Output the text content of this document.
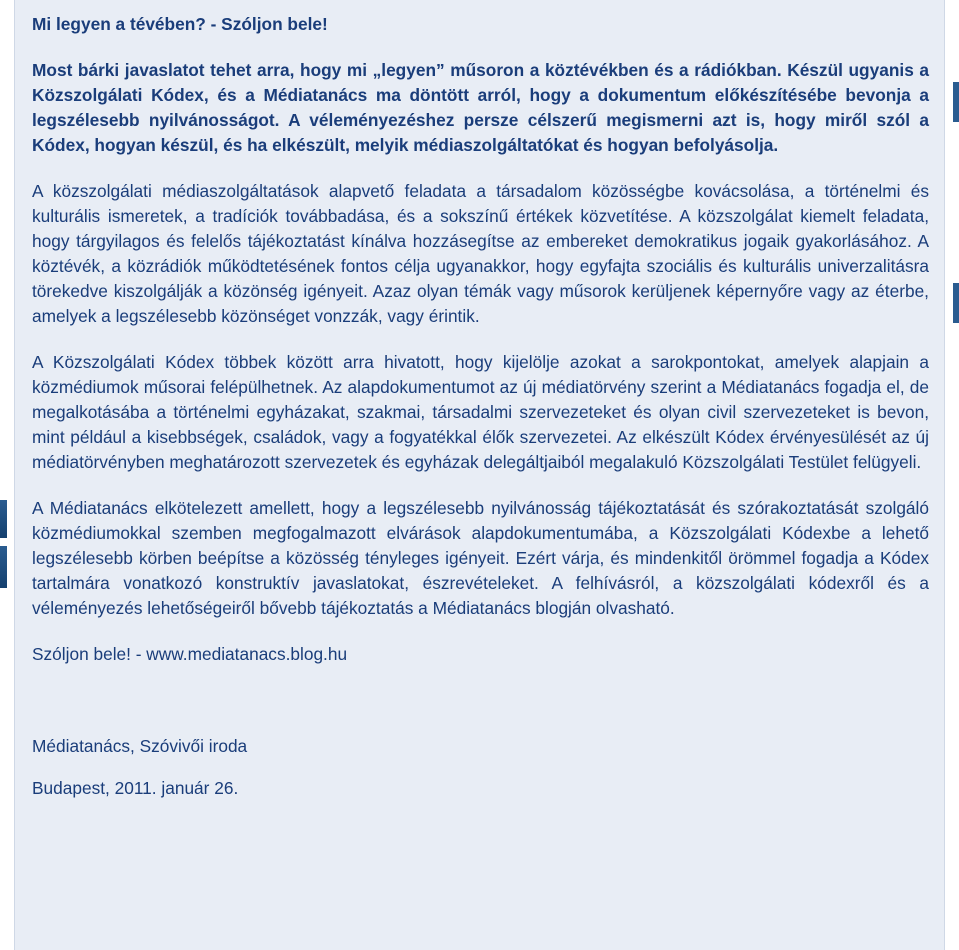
Mi legyen a tévében? - Szóljon bele!

Most bárki javaslatot tehet arra, hogy mi „legyen” műsoron a köztévékben és a rádiókban. Készül ugyanis a Közszolgálati Kódex, és a Médiatanács ma döntött arról, hogy a dokumentum előkészítésébe bevonja a legszélesebb nyilvánosságot. A véleményezéshez persze célszerű megismerni azt is, hogy miről szól a Kódex, hogyan készül, és ha elkészült, melyik médiaszolgáltatókat és hogyan befolyásolja.

A közszolgálati médiaszolgáltatások alapvető feladata a társadalom közösségbe kovácsolása, a történelmi és kulturális ismeretek, a tradíciók továbbadása, és a sokszínű értékek közvetítése. A közszolgálat kiemelt feladata, hogy tárgyilagos és felelős tájékoztatást kínálva hozzásegítse az embereket demokratikus jogaik gyakorlásához. A köztévék, a közrádiók működtetésének fontos célja ugyanakkor, hogy egyfajta szociális és kulturális univerzalitásra törekedve kiszolgálják a közönség igényeit. Azaz olyan témák vagy műsorok kerüljenek képernyőre vagy az éterbe, amelyek a legszélesebb közönséget vonzzák, vagy érintik.

A Közszolgálati Kódex többek között arra hivatott, hogy kijelölje azokat a sarokpontokat, amelyek alapjain a közmédiumok műsorai felépülhetnek. Az alapdokumentumot az új médiatörvény szerint a Médiatanács fogadja el, de megalkotásába a történelmi egyházakat, szakmai, társadalmi szervezeteket és olyan civil szervezeteket is bevon, mint például a kisebbségek, családok, vagy a fogyatékkal élők szervezetei. Az elkészült Kódex érvényesülését az új médiatörvényben meghatározott szervezetek és egyházak delegáltjaiból megalakuló Közszolgálati Testület felügyeli.

A Médiatanács elkötelezett amellett, hogy a legszélesebb nyilvánosság tájékoztatását és szórakoztatását szolgáló közmédiumokkal szemben megfogalmazott elvárások alapdokumentumába, a Közszolgálati Kódexbe a lehető legszélesebb körben beépítse a közösség tényleges igényeit. Ezért várja, és mindenkitől örömmel fogadja a Kódex tartalmára vonatkozó konstruktív javaslatokat, észrevételeket. A felhívásról, a közszolgálati kódexről és a véleményezés lehetőségeiről bővebb tájékoztatás a Médiatanács blogján olvasható.

Szóljon bele! - www.mediatanacs.blog.hu

Médiatanács, Szóvivői iroda

Budapest, 2011. január 26.
